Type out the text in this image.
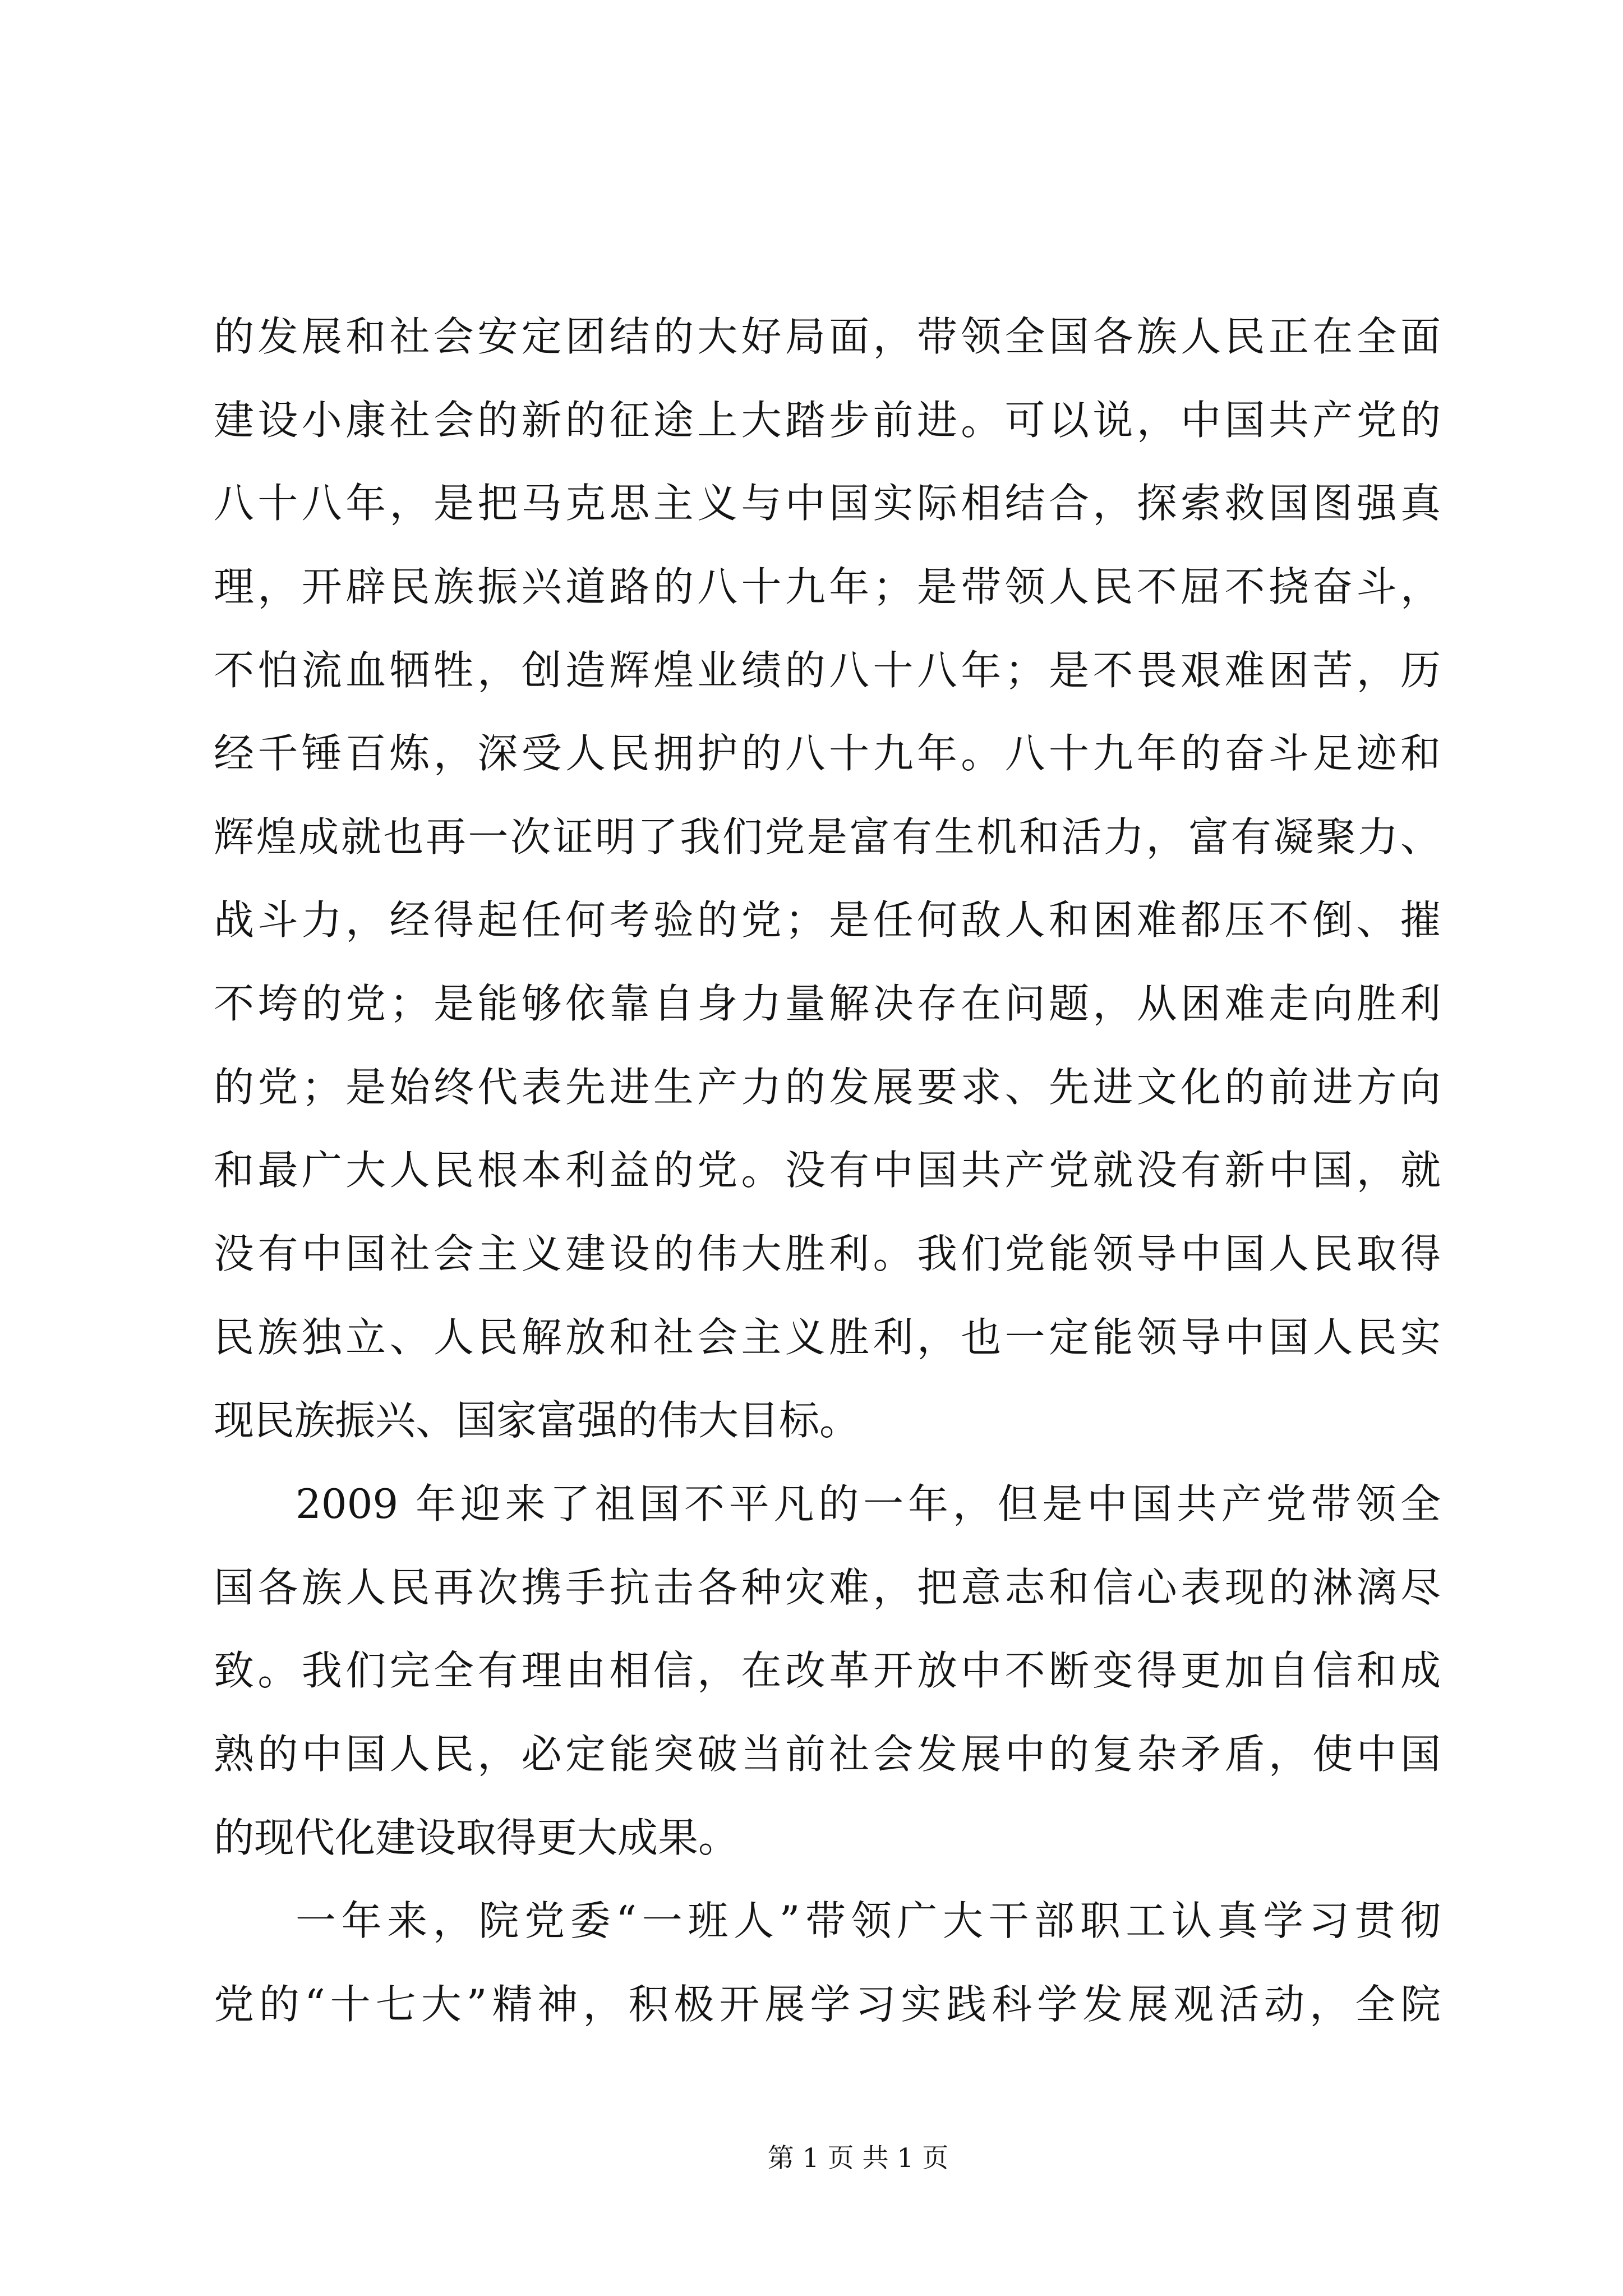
的发展和社会安定团结的大好局面，带领全国各族人民正在全面
建设小康社会的新的征途上大踏步前进。可以说，中国共产党的
八十八年，是把马克思主义与中国实际相结合，探索救国图强真
理，开辟民族振兴道路的八十九年；是带领人民不屈不挠奋斗，
不怕流血牺牲，创造辉煌业绩的八十八年；是不畏艰难困苦，历
经千锤百炼，深受人民拥护的八十九年。八十九年的奋斗足迹和
辉煌成就也再一次证明了我们党是富有生机和活力，富有凝聚力、
战斗力，经得起任何考验的党；是任何敌人和困难都压不倒、摧
不垮的党；是能够依靠自身力量解决存在问题，从困难走向胜利
的党；是始终代表先进生产力的发展要求、先进文化的前进方向
和最广大人民根本利益的党。没有中国共产党就没有新中国，就
没有中国社会主义建设的伟大胜利。我们党能领导中国人民取得
民族独立、人民解放和社会主义胜利，也一定能领导中国人民实
现民族振兴、国家富强的伟大目标。
2009 年迎来了祖国不平凡的一年，但是中国共产党带领全
国各族人民再次携手抗击各种灾难，把意志和信心表现的淋漓尽
致。我们完全有理由相信，在改革开放中不断变得更加自信和成
熟的中国人民，必定能突破当前社会发展中的复杂矛盾，使中国
的现代化建设取得更大成果。
一年来，院党委“一班人”带领广大干部职工认真学习贯彻
党的“十七大”精神，积极开展学习实践科学发展观活动，全院
第 1 页 共 1 页
